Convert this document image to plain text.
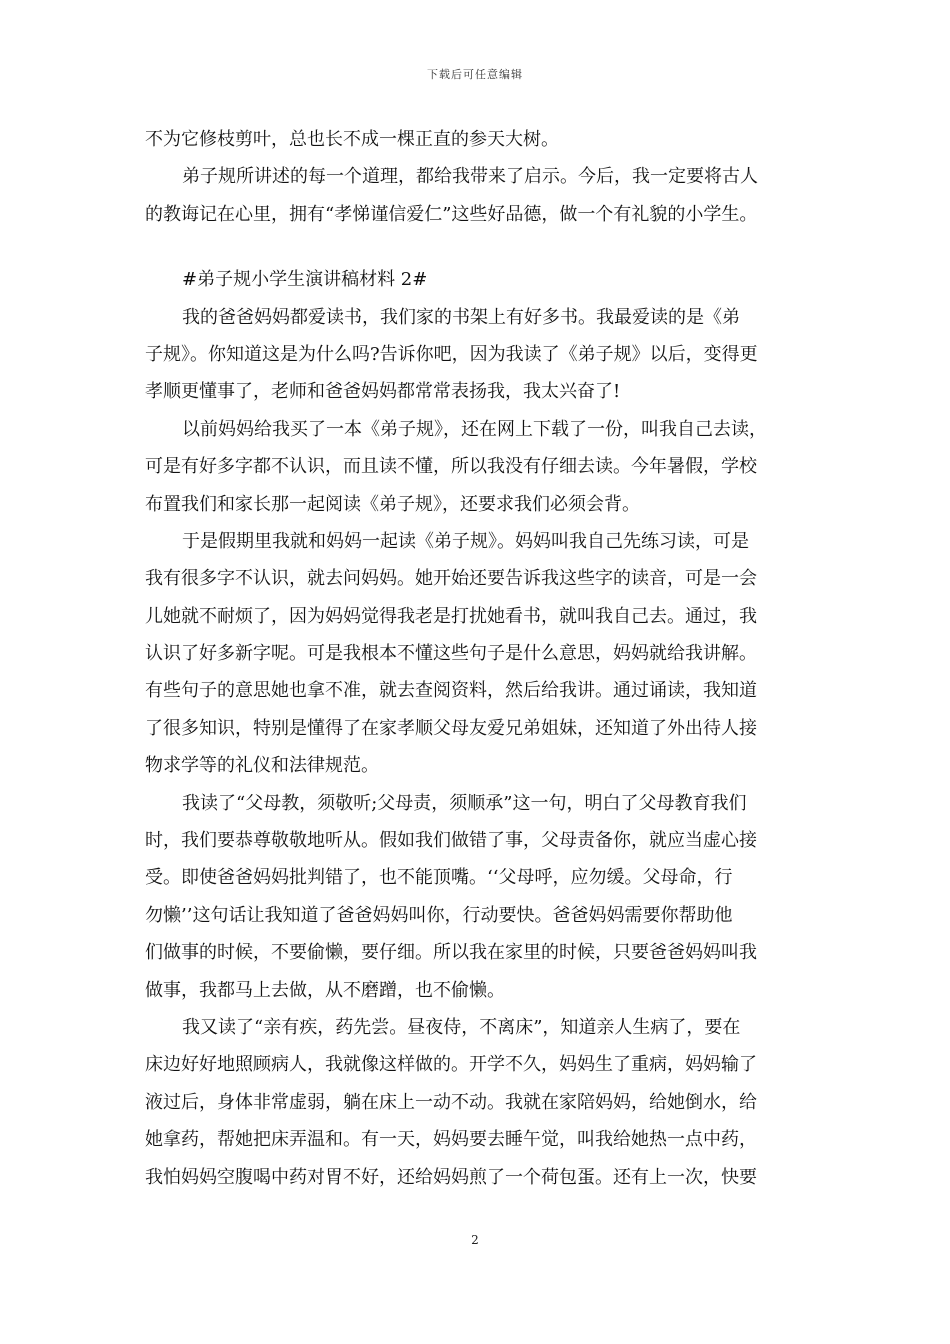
下载后可任意编辑
不为它修枝剪叶，总也长不成一棵正直的参天大树。
弟子规所讲述的每一个道理，都给我带来了启示。今后，我一定要将古人
的教诲记在心里，拥有“孝悌谨信爱仁”这些好品德，做一个有礼貌的小学生。
#弟子规小学生演讲稿材料 2#
我的爸爸妈妈都爱读书，我们家的书架上有好多书。我最爱读的是《弟
子规》。你知道这是为什么吗?告诉你吧，因为我读了《弟子规》以后，变得更
孝顺更懂事了，老师和爸爸妈妈都常常表扬我，我太兴奋了!
以前妈妈给我买了一本《弟子规》，还在网上下载了一份，叫我自己去读，
可是有好多字都不认识，而且读不懂，所以我没有仔细去读。今年暑假，学校
布置我们和家长那一起阅读《弟子规》，还要求我们必须会背。
于是假期里我就和妈妈一起读《弟子规》。妈妈叫我自己先练习读，可是
我有很多字不认识，就去问妈妈。她开始还要告诉我这些字的读音，可是一会
儿她就不耐烦了，因为妈妈觉得我老是打扰她看书，就叫我自己去。通过，我
认识了好多新字呢。可是我根本不懂这些句子是什么意思，妈妈就给我讲解。
有些句子的意思她也拿不准，就去查阅资料，然后给我讲。通过诵读，我知道
了很多知识，特别是懂得了在家孝顺父母友爱兄弟姐妹，还知道了外出待人接
物求学等的礼仪和法律规范。
我读了“父母教，须敬听;父母责，须顺承”这一句，明白了父母教育我们
时，我们要恭尊敬敬地听从。假如我们做错了事，父母责备你，就应当虚心接
受。即使爸爸妈妈批判错了，也不能顶嘴。‘‘父母呼，应勿缓。父母命，行
勿懒’’这句话让我知道了爸爸妈妈叫你，行动要快。爸爸妈妈需要你帮助他
们做事的时候，不要偷懒，要仔细。所以我在家里的时候，只要爸爸妈妈叫我
做事，我都马上去做，从不磨蹭，也不偷懒。
我又读了“亲有疾，药先尝。昼夜侍，不离床”，知道亲人生病了，要在
床边好好地照顾病人，我就像这样做的。开学不久，妈妈生了重病，妈妈输了
液过后，身体非常虚弱，躺在床上一动不动。我就在家陪妈妈，给她倒水，给
她拿药，帮她把床弄温和。有一天，妈妈要去睡午觉，叫我给她热一点中药，
我怕妈妈空腹喝中药对胃不好，还给妈妈煎了一个荷包蛋。还有上一次，快要
2
